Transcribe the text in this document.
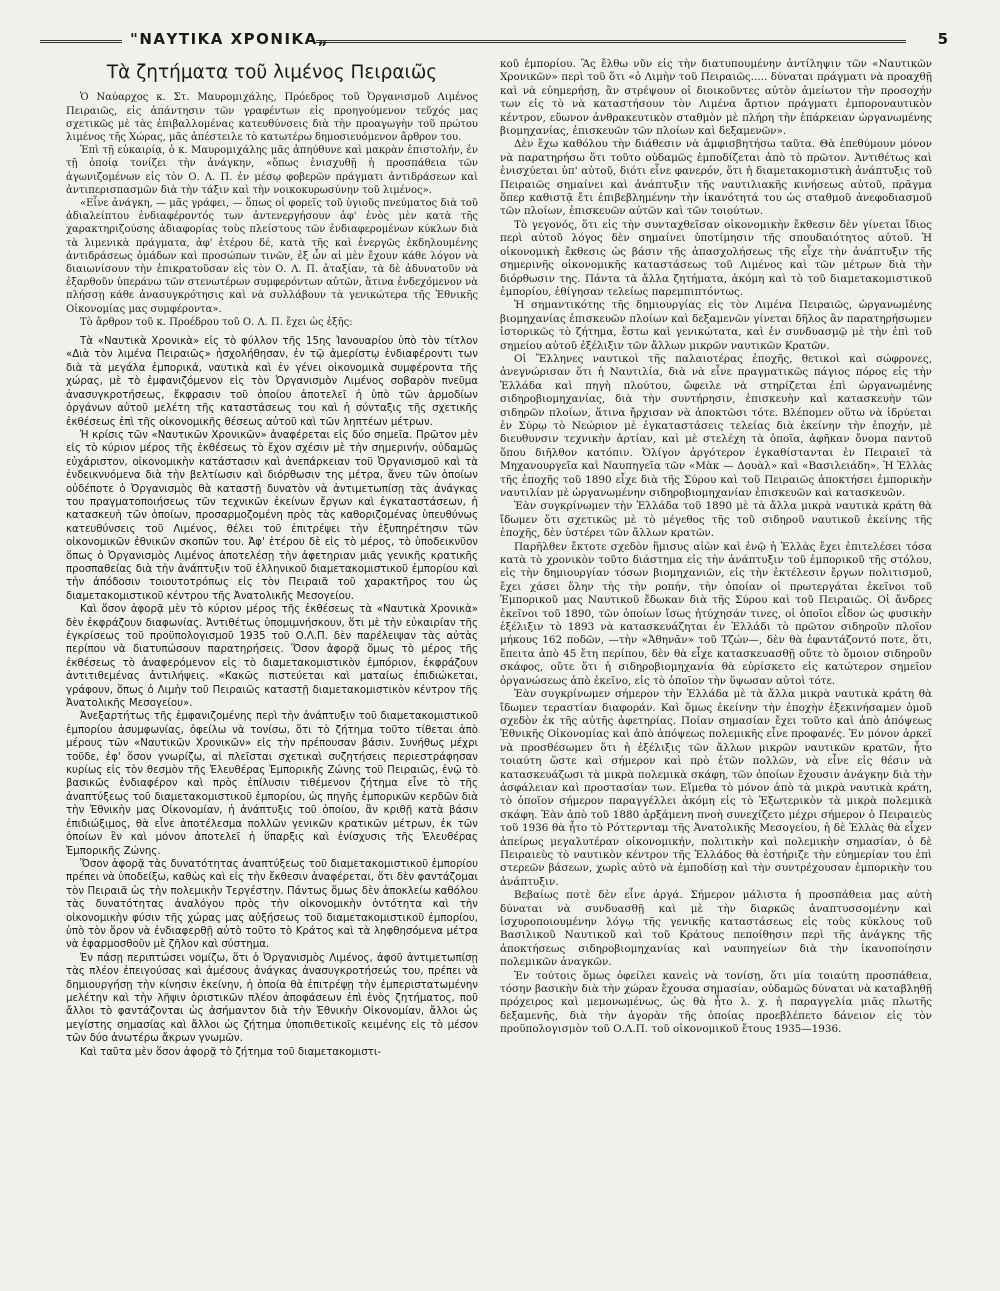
"ΝΑΥΤΙΚΑ ΧΡΟΝΙΚΑ„	5
Τὰ ζητήματα τοῦ λιμένος Πειραιῶς

Ὁ Ναύαρχος κ. Στ. Μαυρομιχάλης, Πρόεδρος τοῦ Ὀργανισμοῦ Λιμένος Πειραιῶς, εἰς ἀπάντησιν τῶν γραφέντων εἰς προηγούμενον τεῦχός μας σχετικῶς μὲ τὰς ἐπιβαλλομένας κατευθύνσεις διὰ τὴν προαγωγὴν τοῦ πρώτου λιμένος τῆς Χώρας, μᾶς ἀπέστειλε τὸ κατωτέρω δημοσιευόμενον ἄρθρον του.

Ἐπὶ τῇ εὐκαιρίᾳ, ὁ κ. Μαυρομιχάλης μᾶς ἀπηύθυνε καὶ μακρὰν ἐπιστολήν, ἐν τῇ ὁποίᾳ τονίζει τὴν ἀνάγκην, «ὅπως ἐνισχυθῇ ἡ προσπάθεια τῶν ἀγωνιζομένων εἰς τὸν Ο. Λ. Π. ἐν μέσῳ φοβερῶν πράγματι ἀντιδράσεων καὶ ἀντιπερισπασμῶν διὰ τὴν τάξιν καὶ τὴν νοικοκυρωσύνην τοῦ λιμένος».

«Εἶνε ἀνάγκη, — μᾶς γράφει, — ὅπως οἱ φορεῖς τοῦ ὑγιοῦς πνεύματος διὰ τοῦ ἀδιαλείπτου ἐνδιαφέροντός των ἀντενεργήσουν ἀφ' ἑνὸς μὲν κατὰ τῆς χαρακτηριζούσης ἀδιαφορίας τοὺς πλείστους τῶν ἐνδιαφερομένων κύκλων διὰ τὰ λιμενικὰ πράγματα, ἀφ' ἑτέρου δέ, κατὰ τῆς καὶ ἐνεργῶς ἐκδηλουμένης ἀντιδράσεως ὁμάδων καὶ προσώπων τινῶν, ἐξ ὧν αἱ μὲν ἔχουν κάθε λόγον νὰ διαιωνίσουν τὴν ἐπικρατοῦσαν εἰς τὸν Ο. Λ. Π. ἀταξίαν, τὰ δὲ ἀδυνατοῦν νὰ ἐξαρθοῦν ὑπεράνω τῶν στενωτέρων συμφερόντων αὐτῶν, ἅτινα ἐνδεχόμενον νὰ πλήσσῃ κάθε ἀνασυγκρότησις καὶ νὰ συλλάβουν τὰ γενικώτερα τῆς Ἐθνικῆς Οἰκονομίας μας συμφέροντα».

Τὸ ἄρθρον τοῦ κ. Προέδρου τοῦ Ο. Λ. Π. ἔχει ὡς ἑξῆς:

Τὰ «Ναυτικὰ Χρονικὰ» εἰς τὸ φύλλον τῆς 15ης Ἰανουαρίου ὑπὸ τὸν τίτλον «Διὰ τὸν λιμένα Πειραιῶς» ἠσχολήθησαν, ἐν τῷ ἀμερίστῳ ἐνδιαφέροντι των διὰ τὰ μεγάλα ἐμπορικά, ναυτικὰ καὶ ἐν γένει οἰκονομικὰ συμφέροντα τῆς χώρας, μὲ τὸ ἐμφανιζόμενον εἰς τὸν Ὀργανισμὸν Λιμένος σοβαρὸν πνεῦμα ἀνασυγκροτήσεως, ἔκφρασιν τοῦ ὁποίου ἀποτελεῖ ἡ ὑπὸ τῶν ἁρμοδίων ὀργάνων αὐτοῦ μελέτη τῆς καταστάσεως του καὶ ἡ σύνταξις τῆς σχετικῆς ἐκθέσεως ἐπὶ τῆς οἰκονομικῆς θέσεως αὐτοῦ καὶ τῶν ληπτέων μέτρων.

Ἡ κρίσις τῶν «Ναυτικῶν Χρονικῶν» ἀναφέρεται εἰς δύο σημεῖα. Πρῶτον μὲν εἰς τὸ κύριον μέρος τῆς ἐκθέσεως τὸ ἔχον σχέσιν μὲ τὴν σημερινήν, οὐδαμῶς εὐχάριστον, οἰκονομικὴν κατάστασιν καὶ ἀνεπάρκειαν τοῦ Ὀργανισμοῦ καὶ τὰ ἐνδεικνυόμενα διὰ τὴν βελτίωσιν καὶ διόρθωσιν της μέτρα, ἄνευ τῶν ὁποίων οὐδέποτε ὁ Ὀργανισμὸς θὰ καταστῇ δυνατὸν νὰ ἀντιμετωπίσῃ τὰς ἀνάγκας του πραγματοποιήσεως τῶν τεχνικῶν ἐκείνων ἔργων καὶ ἐγκαταστάσεων, ἡ κατασκευὴ τῶν ὁποίων, προσαρμοζομένη πρὸς τὰς καθοριζομένας ὑπευθύνως κατευθύνσεις τοῦ Λιμένος, θέλει τοῦ ἐπιτρέψει τὴν ἐξυπηρέτησιν τῶν οἰκονομικῶν ἐθνικῶν σκοπῶν του. Ἀφ' ἑτέρου δὲ εἰς τὸ μέρος, τὸ ὑποδεικνῦον ὅπως ὁ Ὀργανισμὸς Λιμένος ἀποτελέσῃ τὴν ἀφετηριαν μιᾶς γενικῆς κρατικῆς προσπαθείας διὰ τὴν ἀνάπτυξιν τοῦ ἑλληνικοῦ διαμετακομιστικοῦ ἐμπορίου καὶ τὴν ἀπόδοσιν τοιουτοτρόπως εἰς τὸν Πειραιᾶ τοῦ χαρακτῆρος του ὡς διαμετακομιστικοῦ κέντρου τῆς Ἀνατολικῆς Μεσογείου.

Καὶ ὅσον ἀφορᾷ μὲν τὸ κύριον μέρος τῆς ἐκθέσεως τὰ «Ναυτικὰ Χρονικὰ» δὲν ἐκφράζουν διαφωνίας. Ἀντιθέτως ὑπομιμνήσκουν, ὅτι μὲ τὴν εὐκαιρίαν τῆς ἐγκρίσεως τοῦ προϋπολογισμοῦ 1935 τοῦ Ο.Λ.Π. δὲν παρέλειψαν τὰς αὐτὰς περίπου νὰ διατυπώσουν παρατηρήσεις. Ὅσον ἀφορᾷ ὅμως τὸ μέρος τῆς ἐκθέσεως τὸ ἀναφερόμενον εἰς τὸ διαμετακομιστικὸν ἐμπόριον, ἐκφράζουν ἀντιτιθεμένας ἀντιλήψεις. «Κακῶς πιστεύεται καὶ ματαίως ἐπιδιώκεται, γράφουν, ὅπως ὁ Λιμὴν τοῦ Πειραιῶς καταστῇ διαμετακομιστικὸν κέντρον τῆς Ἀνατολικῆς Μεσογείου».

Ἀνεξαρτήτως τῆς ἐμφανιζομένης περὶ τὴν ἀνάπτυξιν τοῦ διαμετακομιστικοῦ ἐμπορίου ἀσυμφωνίας, ὀφείλω νὰ τονίσω, ὅτι τὸ ζήτημα τοῦτο τίθεται ἀπὸ μέρους τῶν «Ναυτικῶν Χρονικῶν» εἰς τὴν πρέπουσαν βάσιν. Συνήθως μέχρι τοῦδε, ἐφ' ὅσον γνωρίζω, αἱ πλεῖσται σχετικαὶ συζητήσεις περιεστράφησαν κυρίως εἰς τὸν θεσμὸν τῆς Ἐλευθέρας Ἐμπορικῆς Ζώνης τοῦ Πειραιῶς, ἐνῷ τὸ βασικῶς ἐνδιαφέρον καὶ πρὸς ἐπίλυσιν τιθέμενον ζήτημα εἶνε τὸ τῆς ἀναπτύξεως τοῦ διαμετακομιστικοῦ ἐμπορίου, ὡς πηγῆς ἐμπορικῶν κερδῶν διὰ τὴν Ἐθνικὴν μας Οἰκονομίαν, ἡ ἀνάπτυξις τοῦ ὁποίου, ἂν κριθῇ κατὰ βάσιν ἐπιδιώξιμος, θὰ εἶνε ἀποτέλεσμα πολλῶν γενικῶν κρατικῶν μέτρων, ἐκ τῶν ὁποίων ἓν καὶ μόνον ἀποτελεῖ ἡ ὕπαρξις καὶ ἐνίσχυσις τῆς Ἐλευθέρας Ἐμπορικῆς Ζώνης.

Ὅσον ἀφορᾷ τὰς δυνατότητας ἀναπτύξεως τοῦ διαμετακομιστικοῦ ἐμπορίου πρέπει νὰ ὑποδείξω, καθὼς καὶ εἰς τὴν ἔκθεσιν ἀναφέρεται, ὅτι δὲν φαντάζομαι τὸν Πειραιᾶ ὡς τὴν πολεμικὴν Τεργέστην. Πάντως ὅμως δὲν ἀποκλείω καθόλου τὰς δυνατότητας ἀναλόγου πρὸς τὴν οἰκονομικὴν ὀντότητα καὶ τὴν οἰκονομικὴν φύσιν τῆς χώρας μας αὐξήσεως τοῦ διαμετακομιστικοῦ ἐμπορίου, ὑπὸ τὸν ὅρον νὰ ἐνδιαφερθῇ αὐτὸ τοῦτο τὸ Κράτος καὶ τὰ ληφθησόμενα μέτρα νὰ ἐφαρμοσθοῦν μὲ ζῆλον καὶ σύστημα.

Ἐν πάσῃ περιπτώσει νομίζω, ὅτι ὁ Ὀργανισμὸς Λιμένος, ἀφοῦ ἀντιμετωπίσῃ τὰς πλέον ἐπειγούσας καὶ ἀμέσους ἀνάγκας ἀνασυγκροτήσεώς του, πρέπει νὰ δημιουργήσῃ τὴν κίνησιν ἐκείνην, ἡ ὁποία θὰ ἐπιτρέψῃ τὴν ἐμπεριστατωμένην μελέτην καὶ τὴν λῆψιν ὁριστικῶν πλέον ἀποφάσεων ἐπὶ ἑνὸς ζητήματος, ποῦ ἄλλοι τὸ φαντάζονται ὡς ἀσήμαντον διὰ τὴν Ἐθνικὴν Οἰκονομίαν, ἄλλοι ὡς μεγίστης σημασίας καὶ ἄλλοι ὡς ζήτημα ὑποπιθετικοῖς κειμένης εἰς τὸ μέσον τῶν δύο ἀνωτέρω ἄκρων γνωμῶν.

Καὶ ταῦτα μὲν ὅσον ἀφορᾷ τὸ ζήτημα τοῦ διαμετακομιστι-

κοῦ ἐμπορίου. Ἂς ἔλθω νῦν εἰς τὴν διατυπουμένην ἀντίληψιν τῶν «Ναυτικῶν Χρονικῶν» περὶ τοῦ ὅτι «ὁ Λιμὴν τοῦ Πειραιῶς..... δύναται πράγματι νὰ προαχθῇ καὶ νὰ εὐημερήσῃ, ἂν στρέψουν οἱ διοικοῦντες αὐτὸν ἀμείωτον τὴν προσοχήν των εἰς τὸ νὰ καταστήσουν τὸν Λιμένα ἄρτιον πράγματι ἐμποροναυτικὸν κέντρον, εὔωνον ἀνθρακευτικὸν σταθμὸν μὲ πλήρη τὴν ἐπάρκειαν ὠργανωμένης βιομηχανίας, ἐπισκευῶν τῶν πλοίων καὶ δεξαμενῶν».

Δὲν ἔχω καθόλου τὴν διάθεσιν νὰ ἀμφισβητήσω ταῦτα. Θὰ ἐπεθύμουν μόνον νὰ παρατηρήσω ὅτι τοῦτο οὐδαμῶς ἐμποδίζεται ἀπὸ τὸ πρῶτον. Ἀντιθέτως καὶ ἐνισχύεται ὑπ' αὐτοῦ, διότι εἶνε φανερόν, ὅτι ἡ διαμετακομιστικὴ ἀνάπτυξις τοῦ Πειραιῶς σημαίνει καὶ ἀνάπτυξιν τῆς ναυτιλιακῆς κινήσεως αὐτοῦ, πρᾶγμα ὅπερ καθιστᾷ ἔτι ἐπιβεβλημένην τὴν ἱκανότητά του ὡς σταθμοῦ ἀνεφοδιασμοῦ τῶν πλοίων, ἐπισκευῶν αὐτῶν καὶ τῶν τοιούτων.

Τὸ γεγονός, ὅτι εἰς τὴν συνταχθεῖσαν οἰκονομικὴν ἔκθεσιν δὲν γίνεται ἴδιος περὶ αὐτοῦ λόγος δὲν σημαίνει ὑποτίμησιν τῆς σπουδαιότητος αὐτοῦ. Ἡ οἰκονομικὴ ἔκθεσις ὡς βάσιν τῆς ἀπασχολήσεως τῆς εἶχε τὴν ἀνάπτυξιν τῆς σημερινῆς οἰκονομικῆς καταστάσεως τοῦ Λιμένος καὶ τῶν μέτρων διὰ τὴν διόρθωσιν της. Πάντα τὰ ἄλλα ζητήματα, ἀκόμη καὶ τὸ τοῦ διαμετακομιστικοῦ ἐμπορίου, ἐθίγησαν τελείως παρεμπιπτόντως.

Ἡ σημαντικότης τῆς δημιουργίας εἰς τὸν Λιμένα Πειραιῶς, ὠργανωμένης βιομηχανίας ἐπισκευῶν πλοίων καὶ δεξαμενῶν γίνεται δῆλος ἂν παρατηρήσωμεν ἱστορικῶς τὸ ζήτημα, ἔστω καὶ γενικώτατα, καὶ ἐν συνδυασμῷ μὲ τὴν ἐπὶ τοῦ σημείου αὐτοῦ ἐξέλιξιν τῶν ἄλλων μικρῶν ναυτικῶν Κρατῶν.

Οἱ Ἕλληνες ναυτικοὶ τῆς παλαιοτέρας ἐποχῆς, θετικοὶ καὶ σώφρονες, ἀνεγνώρισαν ὅτι ἡ Ναυτιλία, διὰ νὰ εἶνε πραγματικῶς πάγιος πόρος εἰς τὴν Ἑλλάδα καὶ πηγὴ πλούτου, ὤφειλε νὰ στηρίζεται ἐπὶ ὠργανωμένης σιδηροβιομηχανίας, διὰ τὴν συντήρησιν, ἐπισκευὴν καὶ κατασκευὴν τῶν σιδηρῶν πλοίων, ἅτινα ἤρχισαν νὰ ἀποκτῶσι τότε. Βλέπομεν οὕτω νὰ ἱδρύεται ἐν Σύρῳ τὸ Νεώριον μὲ ἐγκαταστάσεις τελείας διὰ ἐκείνην τὴν ἐποχήν, μὲ διευθυνσιν τεχνικὴν ἀρτίαν, καὶ μὲ στελέχη τὰ ὁποῖα, ἀφῆκαν ὄνομα παντοῦ ὅπου διῆλθον κατόπιν. Ὀλίγον ἀργότερον ἐγκαθίστανται ἐν Πειραιεῖ τὰ Μηχανουργεῖα καὶ Ναυπηγεῖα τῶν «Μὰκ — Δουὰλ» καὶ «Βασιλειάδη». Ἡ Ἑλλὰς τῆς ἐποχῆς τοῦ 1890 εἶχε διὰ τῆς Σύρου καὶ τοῦ Πειραιῶς ἀποκτήσει ἐμπορικὴν ναυτιλίαν μὲ ὠργανωμένην σιδηροβιομηχανίαν ἐπισκευῶν καὶ κατασκευῶν.

Ἐὰν συγκρίνωμεν τὴν Ἑλλάδα τοῦ 1890 μὲ τὰ ἄλλα μικρὰ ναυτικὰ κράτη θὰ ἴδωμεν ὅτι σχετικῶς μὲ τὸ μέγεθος τῆς τοῦ σιδηροῦ ναυτικοῦ ἐκείνης τῆς ἐποχῆς, δὲν ὑστέρει τῶν ἄλλων κρατῶν.

Παρῆλθεν ἔκτοτε σχεδὸν ἥμισυς αἰὼν καὶ ἐνῷ ἡ Ἑλλὰς ἔχει ἐπιτελέσει τόσα κατὰ τὸ χρονικὸν τοῦτο διάστημα εἰς τὴν ἀνάπτυξιν τοῦ ἐμπορικοῦ τῆς στόλου, εἰς τὴν δημιουργίαν τόσων βιομηχανιῶν, εἰς τὴν ἐκτέλεσιν ἔργων πολιτισμοῦ, ἔχει χάσει ὅλην τὴς τὴν ροπήν, τὴν ὁποίαν οἱ πρωτεργάται ἐκεῖνοι τοῦ Ἐμπορικοῦ μας Ναυτικοῦ ἔδωκαν διὰ τῆς Σύρου καὶ τοῦ Πειραιῶς. Οἱ ἄνδρες ἐκεῖνοι τοῦ 1890, τῶν ὁποίων ἴσως ἠτύχησάν τινες, οἱ ὁποῖοι εἶδον ὡς φυσικὴν ἐξέλιξιν τὸ 1893 νὰ κατασκευάζηται ἐν Ἑλλάδι τὸ πρῶτον σιδηροῦν πλοῖον μήκους 162 ποδῶν, —τὴν «Ἀθηνᾶν» τοῦ Τζών—, δὲν θὰ ἐφαντάζοντό ποτε, ὅτι, ἔπειτα ἀπὸ 45 ἔτη περίπου, δὲν θὰ εἶχε κατασκευασθῇ οὔτε τὸ ὅμοιον σιδηροῦν σκάφος, οὔτε ὅτι ἡ σιδηροβιομηχανία θὰ εὑρίσκετο εἰς κατώτερον σημεῖον ὀργανώσεως ἀπὸ ἐκεῖνο, εἰς τὸ ὁποῖον τὴν ὕψωσαν αὐτοὶ τότε.

Ἐὰν συγκρίνωμεν σήμερον τὴν Ἑλλάδα μὲ τὰ ἄλλα μικρὰ ναυτικὰ κράτη θὰ ἴδωμεν τεραστίαν διαφοράν. Καὶ ὅμως ἐκείνην τὴν ἐποχὴν ἐξεκινήσαμεν ὁμοῦ σχεδὸν ἐκ τῆς αὐτῆς ἀφετηρίας. Ποίαν σημασίαν ἔχει τοῦτο καὶ ἀπὸ ἀπόψεως Ἐθνικῆς Οἰκονομίας καὶ ἀπὸ ἀπόψεως πολεμικῆς εἶνε προφανές. Ἐν μόνον ἀρκεῖ νὰ προσθέσωμεν ὅτι ἡ ἐξέλιξις τῶν ἄλλων μικρῶν ναυτικῶν κρατῶν, ἦτο τοιαύτη ὥστε καὶ σήμερον καὶ πρὸ ἐτῶν πολλῶν, νὰ εἶνε εἰς θέσιν νὰ κατασκευάζωσι τὰ μικρὰ πολεμικὰ σκάφη, τῶν ὁποίων ἔχουσιν ἀνάγκην διὰ τὴν ἀσφάλειαν καὶ προστασίαν των. Εἴμεθα τὸ μόνον ἀπὸ τὰ μικρὰ ναυτικὰ κράτη, τὸ ὁποῖον σήμερον παραγγέλλει ἀκόμη εἰς τὸ Ἐξωτερικὸν τὰ μικρὰ πολεμικὰ σκάφη. Ἐὰν ἀπὸ τοῦ 1880 ἀρξάμενη πνοὴ συνεχίζετο μέχρι σήμερον ὁ Πειραιεὺς τοῦ 1936 θὰ ἦτο τὸ Ρόττερνταμ τῆς Ἀνατολικῆς Μεσογείου, ἡ δὲ Ἑλλὰς θὰ εἶχεν ἀπείρως μεγαλυτέραν οἰκονομικήν, πολιτικὴν καὶ πολεμικὴν σημασίαν, ὁ δὲ Πειραιεὺς τὸ ναυτικὸν κέντρον τῆς Ἑλλάδος θὰ ἐστήριζε τὴν εὐημερίαν του ἐπὶ στερεῶν βάσεων, χωρὶς αὐτὸ νὰ ἐμποδίσῃ καὶ τὴν συντρέχουσαν ἐμπορικὴν του ἀνάπτυξιν.

Βεβαίως ποτὲ δὲν εἶνε ἀργά. Σήμερον μάλιστα ἡ προσπάθεια μας αὐτὴ δύναται νὰ συνδυασθῇ καὶ μὲ τὴν διαρκῶς ἀναπτυσσομένην καὶ ἰσχυροποιουμένην λόγῳ τῆς γενικῆς καταστάσεως εἰς τοὺς κύκλους τοῦ Βασιλικοῦ Ναυτικοῦ καὶ τοῦ Κράτους πεποίθησιν περὶ τῆς ἀνάγκης τῆς ἀποκτήσεως σιδηροβιομηχανίας καὶ ναυπηγείων διὰ τὴν ἱκανοποίησιν πολεμικῶν ἀναγκῶν.

Ἐν τούτοις ὅμως ὀφείλει κανεὶς νὰ τονίσῃ, ὅτι μία τοιαύτη προσπάθεια, τόσην βασικὴν διὰ τὴν χώραν ἔχουσα σημασίαν, οὐδαμῶς δύναται νὰ καταβληθῇ πρόχειρος καὶ μεμονωμένως, ὡς θὰ ἦτο λ. χ. ἡ παραγγελία μιᾶς πλωτῆς δεξαμενῆς, διὰ τὴν ἀγορὰν τῆς ὁποίας προεβλέπετο δάνειον εἰς τὸν προϋπολογισμὸν τοῦ Ο.Λ.Π. τοῦ οἰκονομικοῦ ἔτους 1935—1936.
